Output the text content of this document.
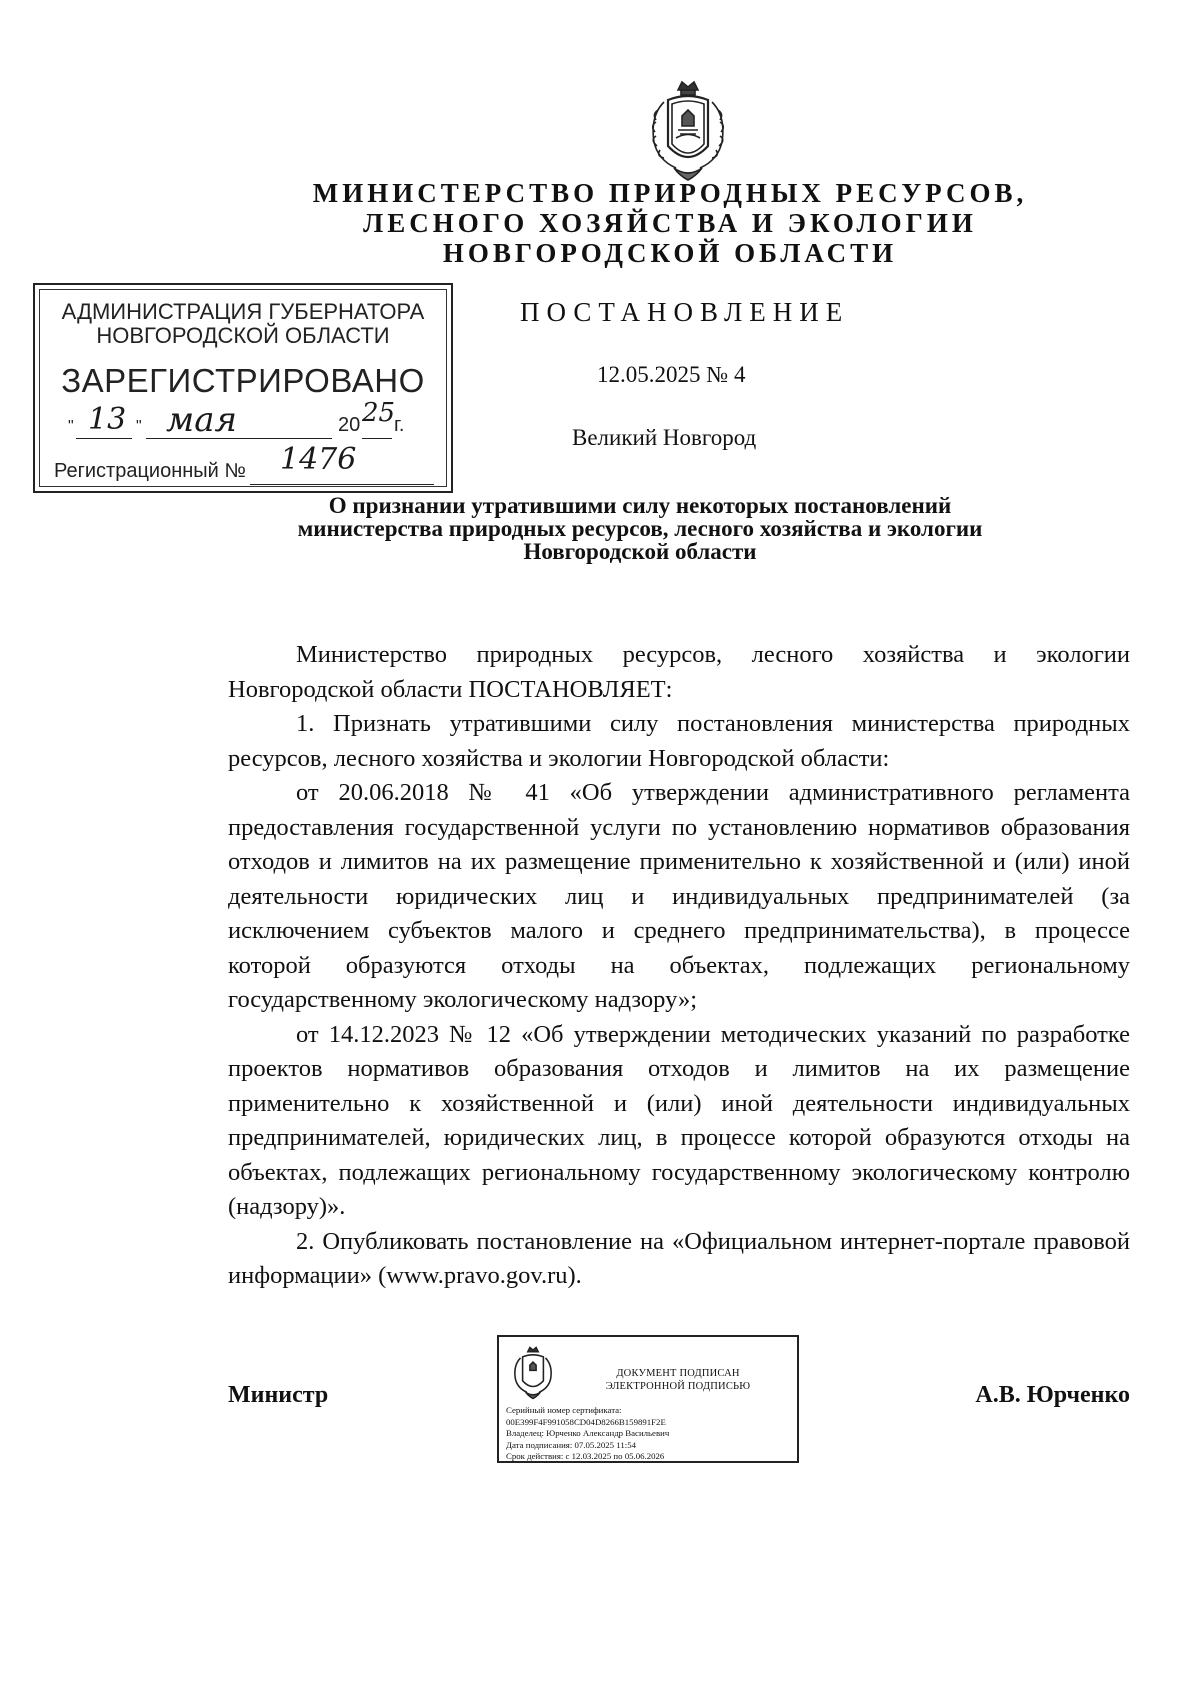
МИНИСТЕРСТВО ПРИРОДНЫХ РЕСУРСОВ,
ЛЕСНОГО ХОЗЯЙСТВА И ЭКОЛОГИИ
НОВГОРОДСКОЙ ОБЛАСТИ
АДМИНИСТРАЦИЯ ГУБЕРНАТОРА
НОВГОРОДСКОЙ ОБЛАСТИ
ЗАРЕГИСТРИРОВАНО
" 13 " мая	20 25
г.
Регистрационный № 1476
ПОСТАНОВЛЕНИЕ
12.05.2025 № 4
Великий Новгород
О признании утратившими силу некоторых постановлений
министерства природных ресурсов, лесного хозяйства и экологии
Новгородской области

Министерство природных ресурсов, лесного хозяйства и экологии Новгородской области ПОСТАНОВЛЯЕТ:

1. Признать утратившими силу постановления министерства природных ресурсов, лесного хозяйства и экологии Новгородской области:

от 20.06.2018 № 41 «Об утверждении административного регламента предоставления государственной услуги по установлению нормативов образования отходов и лимитов на их размещение применительно к хозяйственной и (или) иной деятельности юридических лиц и индивидуальных предпринимателей (за исключением субъектов малого и среднего предпринимательства), в процессе которой образуются отходы на объектах, подлежащих региональному государственному экологическому надзору»;

от 14.12.2023 № 12 «Об утверждении методических указаний по разработке проектов нормативов образования отходов и лимитов на их размещение применительно к хозяйственной и (или) иной деятельности индивидуальных предпринимателей, юридических лиц, в процессе которой образуются отходы на объектах, подлежащих региональному государственному экологическому контролю (надзору)».

2. Опубликовать постановление на «Официальном интернет-портале правовой информации» (www.pravo.gov.ru).

Министр	А.В. Юрченко
ДОКУМЕНТ ПОДПИСАН
ЭЛЕКТРОННОЙ ПОДПИСЬЮ
Серийный номер сертификата:
00E399F4F991058CD04D8266B159891F2E
Владелец: Юрченко Александр Васильевич
Дата подписания: 07.05.2025 11:54
Срок действия: с 12.03.2025 по 05.06.2026
